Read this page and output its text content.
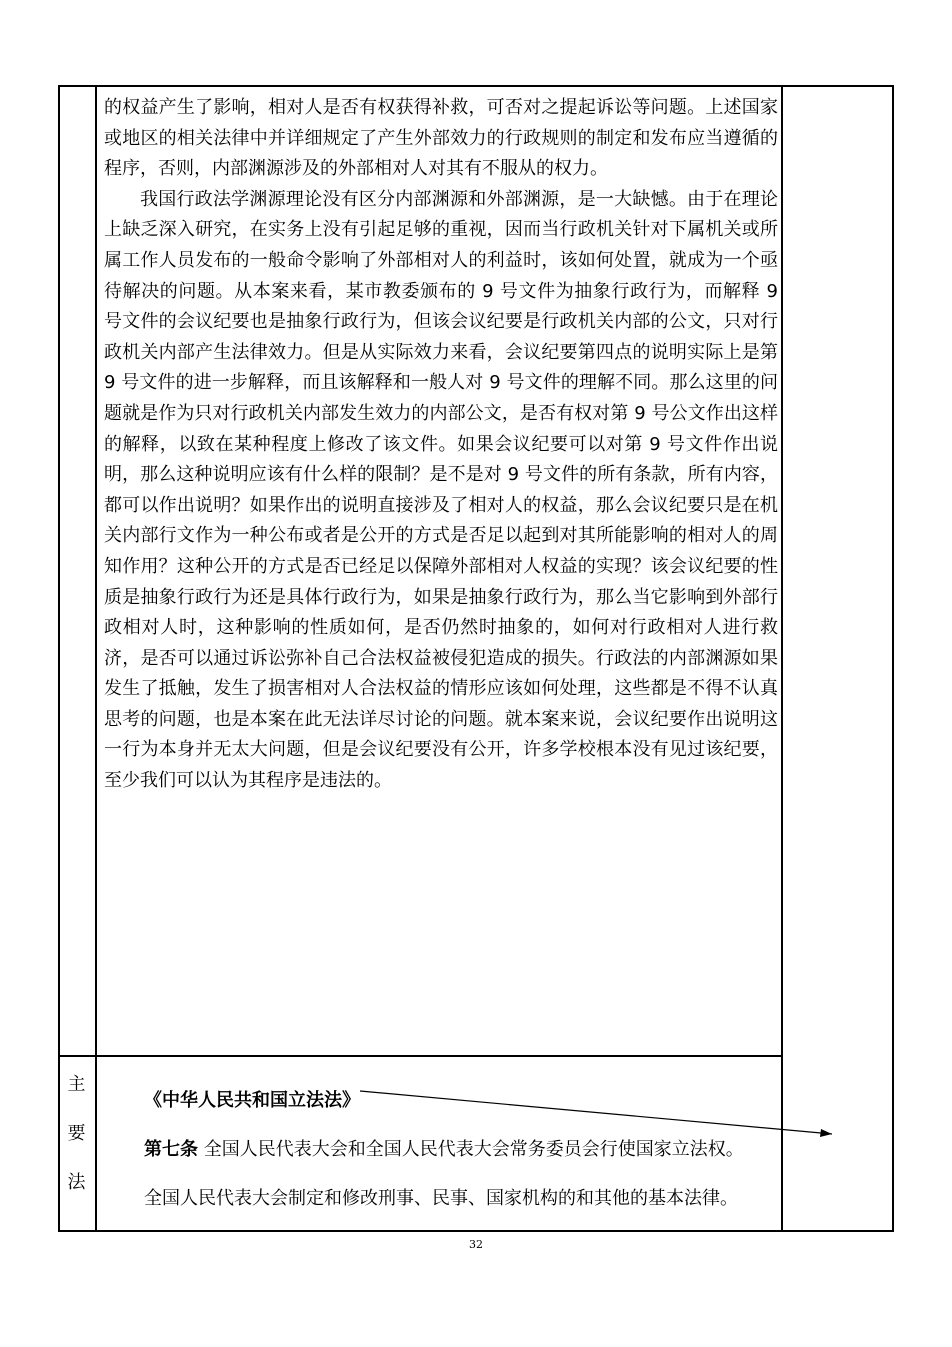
的权益产生了影响，相对人是否有权获得补救，可否对之提起诉讼等问题。上述国家或地区的相关法律中并详细规定了产生外部效力的行政规则的制定和发布应当遵循的程序，否则，内部渊源涉及的外部相对人对其有不服从的权力。

我国行政法学渊源理论没有区分内部渊源和外部渊源，是一大缺憾。由于在理论上缺乏深入研究，在实务上没有引起足够的重视，因而当行政机关针对下属机关或所属工作人员发布的一般命令影响了外部相对人的利益时，该如何处置，就成为一个亟待解决的问题。从本案来看，某市教委颁布的 9 号文件为抽象行政行为，而解释 9 号文件的会议纪要也是抽象行政行为，但该会议纪要是行政机关内部的公文，只对行政机关内部产生法律效力。但是从实际效力来看，会议纪要第四点的说明实际上是第 9 号文件的进一步解释，而且该解释和一般人对 9 号文件的理解不同。那么这里的问题就是作为只对行政机关内部发生效力的内部公文，是否有权对第 9 号公文作出这样的解释，以致在某种程度上修改了该文件。如果会议纪要可以对第 9 号文件作出说明，那么这种说明应该有什么样的限制？是不是对 9 号文件的所有条款，所有内容，都可以作出说明？如果作出的说明直接涉及了相对人的权益，那么会议纪要只是在机关内部行文作为一种公布或者是公开的方式是否足以起到对其所能影响的相对人的周知作用？这种公开的方式是否已经足以保障外部相对人权益的实现？该会议纪要的性质是抽象行政行为还是具体行政行为，如果是抽象行政行为，那么当它影响到外部行政相对人时，这种影响的性质如何，是否仍然时抽象的，如何对行政相对人进行救济，是否可以通过诉讼弥补自己合法权益被侵犯造成的损失。行政法的内部渊源如果发生了抵触，发生了损害相对人合法权益的情形应该如何处理，这些都是不得不认真思考的问题，也是本案在此无法详尽讨论的问题。就本案来说，会议纪要作出说明这一行为本身并无太大问题，但是会议纪要没有公开，许多学校根本没有见过该纪要，至少我们可以认为其程序是违法的。

主
要
法
《中华人民共和国立法法》
第七条 全国人民代表大会和全国人民代表大会常务委员会行使国家立法权。
全国人民代表大会制定和修改刑事、民事、国家机构的和其他的基本法律。
32
